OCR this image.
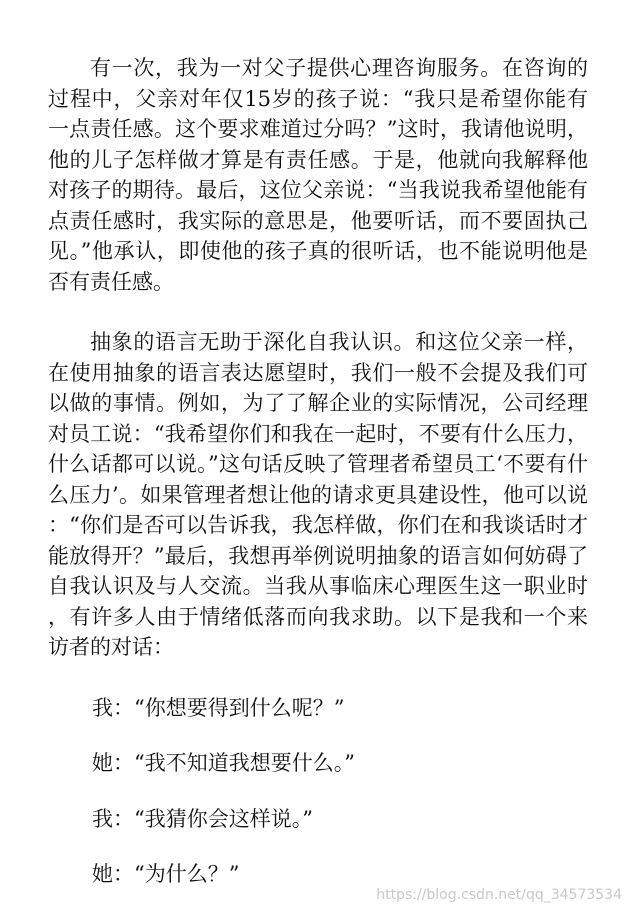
有一次，我为一对父子提供心理咨询服务。在咨询的过程中，父亲对年仅15岁的孩子说：“我只是希望你能有一点责任感。这个要求难道过分吗？”这时，我请他说明，他的儿子怎样做才算是有责任感。于是，他就向我解释他对孩子的期待。最后，这位父亲说：“当我说我希望他能有点责任感时，我实际的意思是，他要听话，而不要固执己见。”他承认，即使他的孩子真的很听话，也不能说明他是否有责任感。

抽象的语言无助于深化自我认识。和这位父亲一样，在使用抽象的语言表达愿望时，我们一般不会提及我们可以做的事情。例如，为了了解企业的实际情况，公司经理对员工说：“我希望你们和我在一起时，不要有什么压力，什么话都可以说。”这句话反映了管理者希望员工‘不要有什么压力’。如果管理者想让他的请求更具建设性，他可以说：“你们是否可以告诉我，我怎样做，你们在和我谈话时才能放得开？”最后，我想再举例说明抽象的语言如何妨碍了自我认识及与人交流。当我从事临床心理医生这一职业时，有许多人由于情绪低落而向我求助。以下是我和一个来访者的对话：

我：“你想要得到什么呢？”

她：“我不知道我想要什么。”

我：“我猜你会这样说。”

她：“为什么？”

https://blog.csdn.net/qq_34573534
